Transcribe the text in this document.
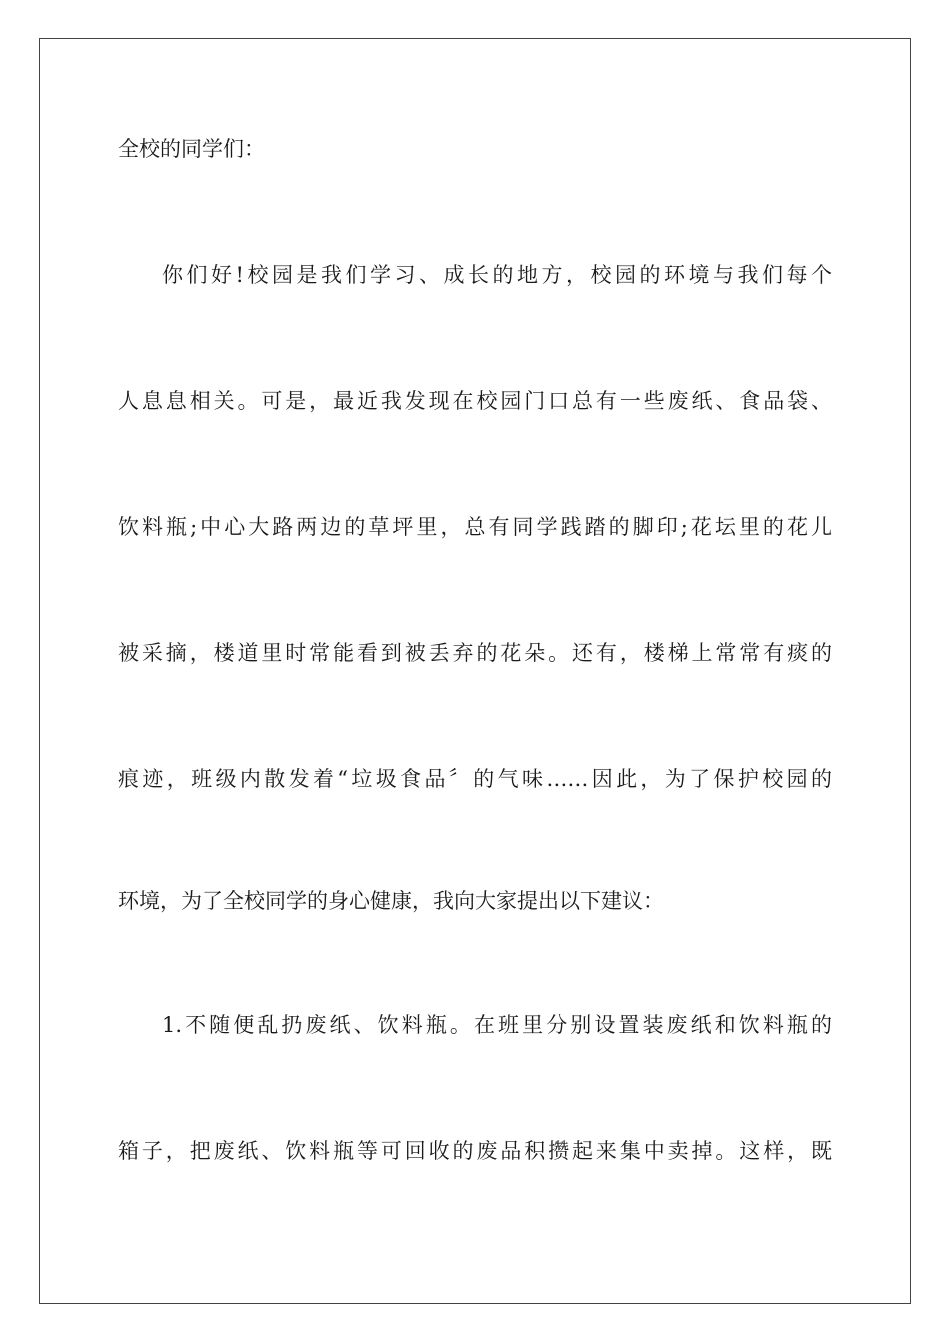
全校的同学们：
你们好!校园是我们学习、成长的地方，校园的环境与我们每个
人息息相关。可是，最近我发现在校园门口总有一些废纸、食品袋、
饮料瓶;中心大路两边的草坪里，总有同学践踏的脚印;花坛里的花儿
被采摘，楼道里时常能看到被丢弃的花朵。还有，楼梯上常常有痰的
痕迹，班级内散发着“垃圾食品〞的气味……因此，为了保护校园的
环境，为了全校同学的身心健康，我向大家提出以下建议：
1.不随便乱扔废纸、饮料瓶。在班里分别设置装废纸和饮料瓶的
箱子，把废纸、饮料瓶等可回收的废品积攒起来集中卖掉。这样，既
